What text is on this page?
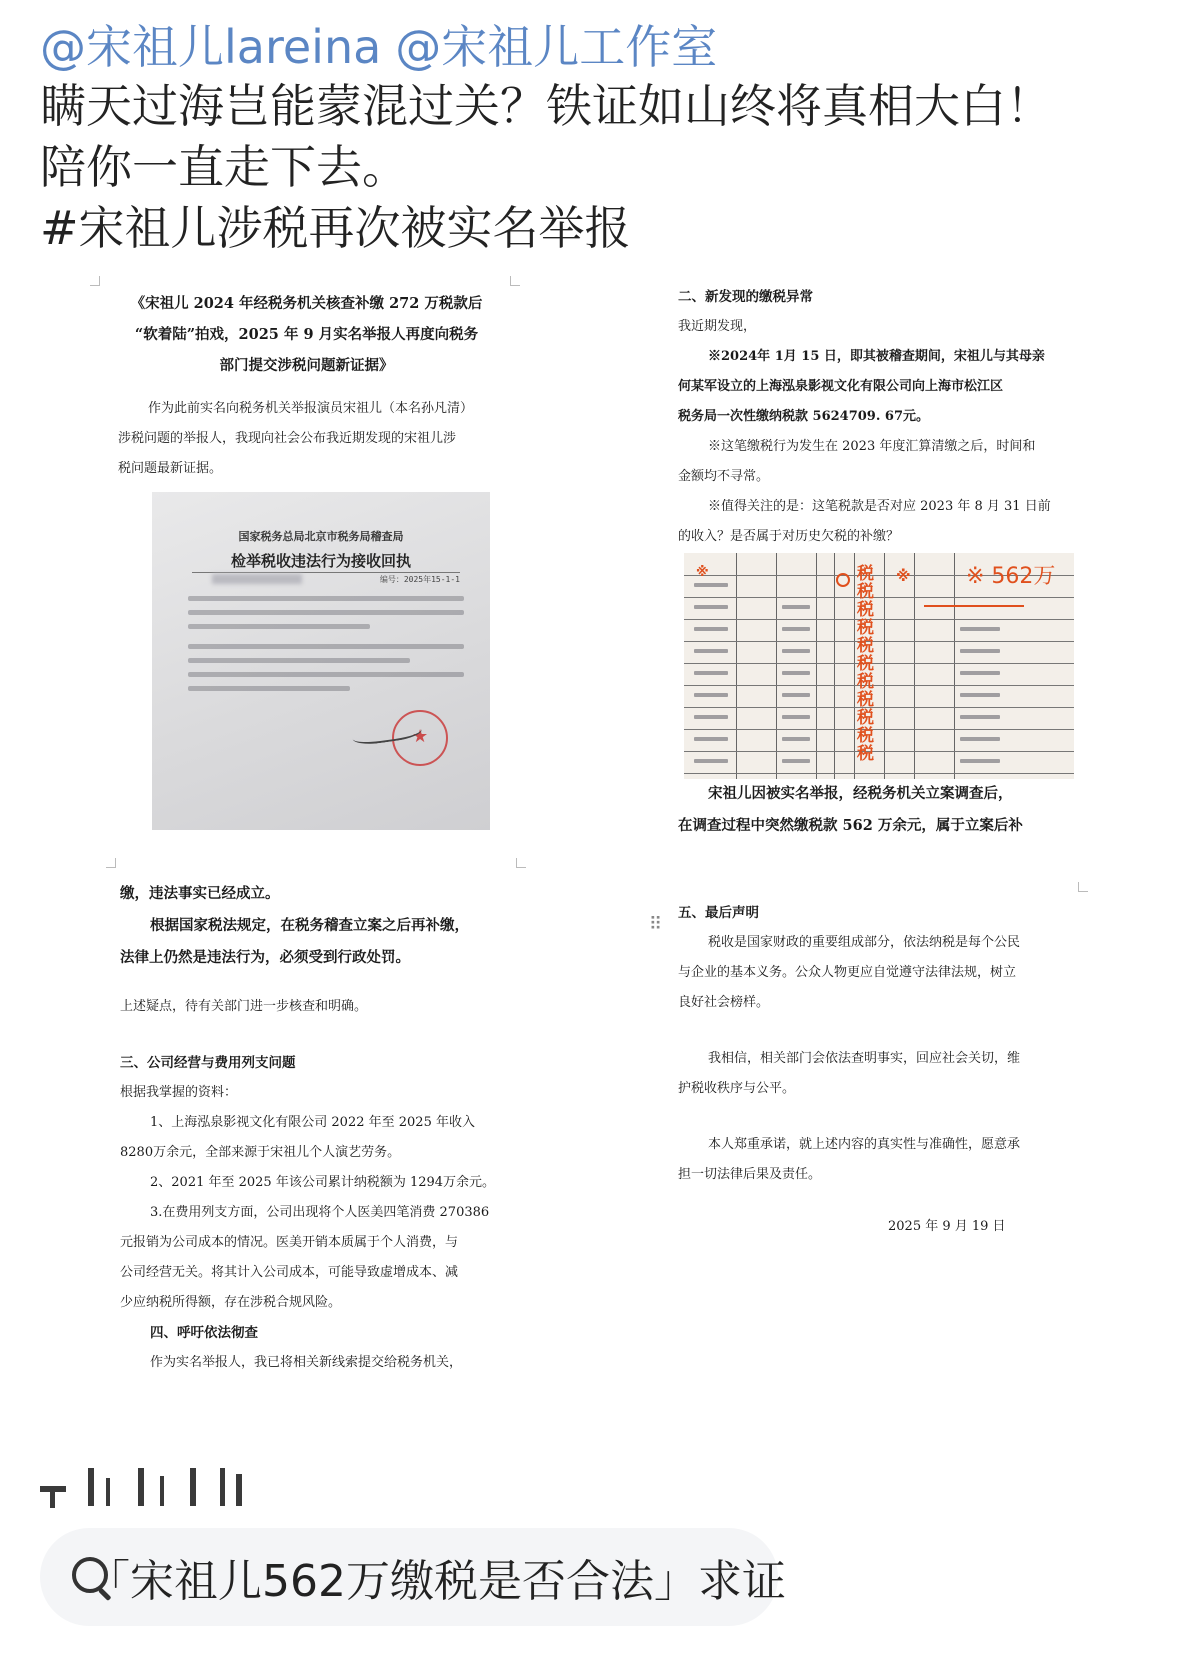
@宋祖儿lareina @宋祖儿工作室
瞒天过海岂能蒙混过关？铁证如山终将真相大白！
陪你一直走下去。
#宋祖儿涉税再次被实名举报
《宋祖儿 2024 年经税务机关核查补缴 272 万税款后
“软着陆”拍戏，2025 年 9 月实名举报人再度向税务
部门提交涉税问题新证据》
作为此前实名向税务机关举报演员宋祖儿（本名孙凡清）
涉税问题的举报人，我现向社会公布我近期发现的宋祖儿涉
税问题最新证据。
国家税务总局北京市税务局稽查局
检举税收违法行为接收回执
编号：2025年15-1-1
★
二、新发现的缴税异常
我近期发现，
※2024年 1月 15 日，即其被稽查期间，宋祖儿与其母亲
何某军设立的上海泓泉影视文化有限公司向上海市松江区
税务局一次性缴纳税款 5624709. 67元。
※这笔缴税行为发生在 2023 年度汇算清缴之后，时间和
金额均不寻常。
※值得关注的是：这笔税款是否对应 2023 年 8 月 31 日前
的收入？是否属于对历史欠税的补缴？
宋祖儿因被实名举报，经税务机关立案调查后，
在调查过程中突然缴税款 562 万余元，属于立案后补
※	税
税
税
税
税
税
税
税
税
税
税
※	※ 562万
缴，违法事实已经成立。
根据国家税法规定，在税务稽查立案之后再补缴，
法律上仍然是违法行为，必须受到行政处罚。
上述疑点，待有关部门进一步核查和明确。
三、公司经营与费用列支问题
根据我掌握的资料：
1、上海泓泉影视文化有限公司 2022 年至 2025 年收入
8280万余元，全部来源于宋祖儿个人演艺劳务。
2、2021 年至 2025 年该公司累计纳税额为 1294万余元。
3.在费用列支方面，公司出现将个人医美四笔消费 270386
元报销为公司成本的情况。医美开销本质属于个人消费，与
公司经营无关。将其计入公司成本，可能导致虚增成本、减
少应纳税所得额，存在涉税合规风险。
四、呼吁依法彻查
作为实名举报人，我已将相关新线索提交给税务机关，
⠿
五、最后声明
税收是国家财政的重要组成部分，依法纳税是每个公民
与企业的基本义务。公众人物更应自觉遵守法律法规，树立
良好社会榜样。
我相信，相关部门会依法查明事实，回应社会关切，维
护税收秩序与公平。
本人郑重承诺，就上述内容的真实性与准确性，愿意承
担一切法律后果及责任。
2025 年 9 月 19 日
「宋祖儿562万缴税是否合法」求证
